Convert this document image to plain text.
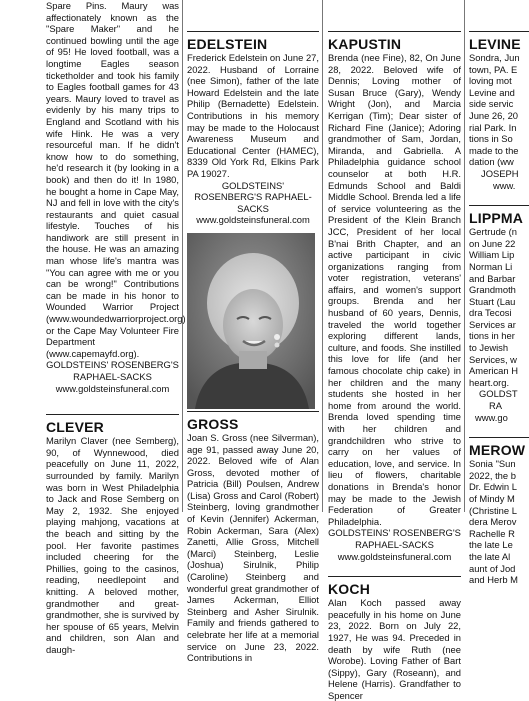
Spare Pins. Maury was affectionately known as the "Spare Maker" and he continued bowling until the age of 95! He loved football, was a longtime Eagles season ticketholder and took his family to Eagles football games for 43 years. Maury loved to travel as evidenly by his many trips to England and Scotland with his wife Hink. He was a very resourceful man. If he didn't know how to do something, he'd research it (by looking in a book) and then do it! In 1980, he bought a home in Cape May, NJ and fell in love with the city's restaurants and quiet casual lifestyle. Touches of his handiwork are still present in the house. He was an amazing man whose life's mantra was "You can agree with me or you can be wrong!" Contributions can be made in his honor to Wounded Warrior Project (www.woundedwarriorproject.org) or the Cape May Volunteer Fire Department (www.capemayfd.org).

GOLDSTEINS' ROSENBERG'S RAPHAEL-SACKS www.goldsteinsfuneral.com

CLEVER

Marilyn Claver (nee Semberg), 90, of Wynnewood, died peacefully on June 11, 2022, surrounded by family. Marilyn was born in West Philadelphia to Jack and Rose Semberg on May 2, 1932. She enjoyed playing mahjong, vacations at the beach and sitting by the pool. Her favorite pastimes included cheering for the Phillies, going to the casinos, reading, needlepoint and knitting. A beloved mother, grandmother and great-grandmother, she is survived by her spouse of 65 years, Melvin and children, son Alan and daugh-

EDELSTEIN

Frederick Edelstein on June 27, 2022. Husband of Lorraine (nee Simon), father of the late Howard Edelstein and the late Philip (Bernadette) Edelstein. Contributions in his memory may be made to the Holocaust Awareness Museum and Educational Center (HAMEC), 8339 Old York Rd, Elkins Park PA 19027.

GOLDSTEINS' ROSENBERG'S RAPHAEL-SACKS www.goldsteinsfuneral.com

GROSS

Joan S. Gross (nee Silverman), age 91, passed away June 20, 2022. Beloved wife of Alan Gross, devoted mother of Patricia (Bill) Poulsen, Andrew (Lisa) Gross and Carol (Robert) Steinberg, loving grandmother of Kevin (Jennifer) Ackerman, Robin Ackerman, Sara (Alex) Zanetti, Allie Gross, Mitchell (Marci) Steinberg, Leslie (Joshua) Sirulnik, Philip (Caroline) Steinberg and wonderful great grandmother of James Ackerman, Elliot Steinberg and Asher Sirulnik. Family and friends gathered to celebrate her life at a memorial service on June 23, 2022. Contributions in

KAPUSTIN

Brenda (nee Fine), 82, On June 28, 2022. Beloved wife of Dennis; Loving mother of Susan Bruce (Gary), Wendy Wright (Jon), and Marcia Kerrigan (Tim); Dear sister of Richard Fine (Janice); Adoring grandmother of Sam, Jordan, Miranda, and Gabriella. A Philadelphia guidance school counselor at both H.R. Edmunds School and Baldi Middle School. Brenda led a life of service volunteering as the President of the Klein Branch JCC, President of her local B'nai Brith Chapter, and an active participant in civic organizations ranging from voter registration, veterans' affairs, and women's support groups. Brenda and her husband of 60 years, Dennis, traveled the world together exploring different lands, culture, and foods. She instilled this love for life (and her famous chocolate chip cake) in her children and the many students she hosted in her home from around the world. Brenda loved spending time with her children and grandchildren who strive to carry on her values of education, love, and service. In lieu of flowers, charitable donations in Brenda's honor may be made to the Jewish Federation of Greater Philadelphia.

GOLDSTEINS' ROSENBERG'S RAPHAEL-SACKS www.goldsteinsfuneral.com

KOCH

Alan Koch passed away peacefully in his home on June 23, 2022. Born on July 22, 1927, He was 94. Preceded in death by wife Ruth (nee Worobe). Loving Father of Bart (Sippy), Gary (Roseann), and Helene (Harris). Grandfather to Spencer

LEVINE
Sondra, Jun
town, PA. E
loving mot
Levine and
side servic
June 26, 20
rial Park. In
tions in So
made to the
dation (ww
JOSEPH
www.
LIPPMA
Gertrude (n
on June 22
William Lip
Norman Li
and Barbar
Grandmoth
Stuart (Lau
dra Tecosi
Services ar
tions in her
to Jewish
Services, w
American H
heart.org.
GOLDST
RA
www.go
MEROW
Sonia "Sun
2022, the b
Dr. Edwin L
of Mindy M
(Christine L
dera Merov
Rachelle R
the late Le
the late Al
aunt of Jod
and Herb M
